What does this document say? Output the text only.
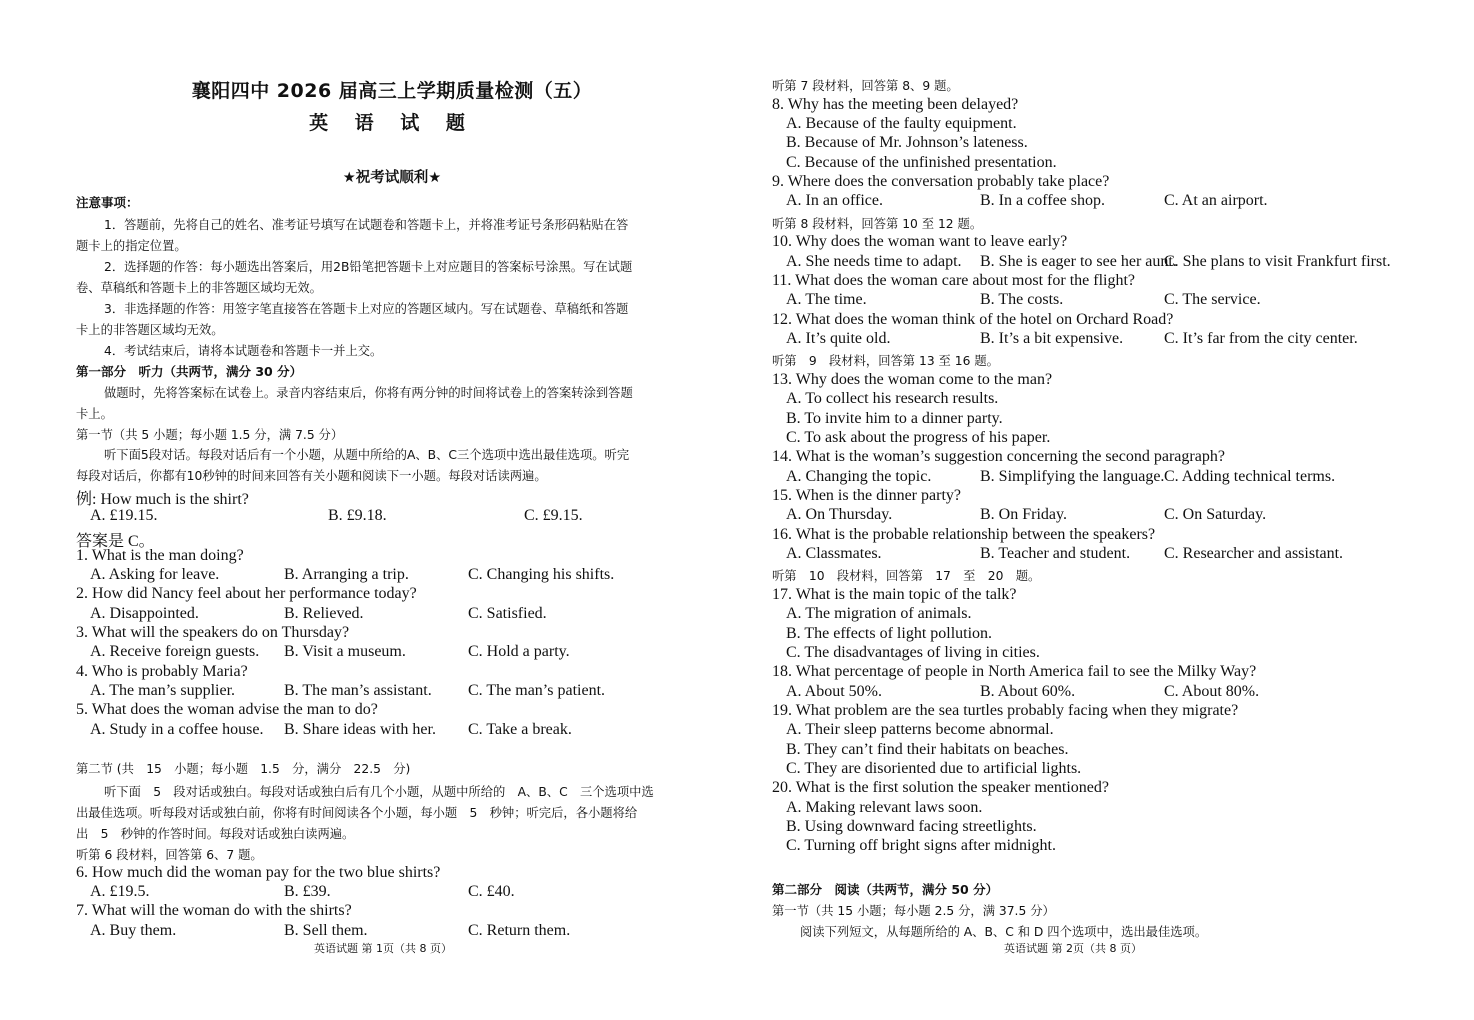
襄阳四中 2026 届高三上学期质量检测（五）
英 语 试 题
★祝考试顺利★
注意事项：
1．答题前，先将自己的姓名、准考证号填写在试题卷和答题卡上，并将准考证号条形码粘贴在答
题卡上的指定位置。
2．选择题的作答：每小题选出答案后，用2B铅笔把答题卡上对应题目的答案标号涂黑。写在试题
卷、草稿纸和答题卡上的非答题区域均无效。
3．非选择题的作答：用签字笔直接答在答题卡上对应的答题区域内。写在试题卷、草稿纸和答题
卡上的非答题区域均无效。
4．考试结束后，请将本试题卷和答题卡一并上交。
第一部分　听力（共两节，满分 30 分）
做题时，先将答案标在试卷上。录音内容结束后，你将有两分钟的时间将试卷上的答案转涂到答题
卡上。
第一节（共 5 小题；每小题 1.5 分，满 7.5 分）
听下面5段对话。每段对话后有一个小题，从题中所给的A、B、C三个选项中选出最佳选项。听完
每段对话后，你都有10秒钟的时间来回答有关小题和阅读下一小题。每段对话读两遍。
例: How much is the shirt?
A. £19.15.	B. £9.18.	C. £9.15.
答案是 C。
1. What is the man doing?
A. Asking for leave.	B. Arranging a trip.	C. Changing his shifts.
2. How did Nancy feel about her performance today?
A. Disappointed.	B. Relieved.	C. Satisfied.
3. What will the speakers do on Thursday?
A. Receive foreign guests. B. Visit a museum.	C. Hold a party.
4. Who is probably Maria?
A. The man’s supplier.	B. The man’s assistant. C. The man’s patient.
5. What does the woman advise the man to do?
A. Study in a coffee house. B. Share ideas with her. C. Take a break.
第二节 (共　15　小题；每小题　1.5　分，满分　22.5　分)
听下面　5　段对话或独白。每段对话或独白后有几个小题，从题中所给的　A、B、C　三个选项中选
出最佳选项。听每段对话或独白前，你将有时间阅读各个小题，每小题　5　秒钟；听完后，各小题将给
出　5　秒钟的作答时间。每段对话或独白读两遍。
听第 6 段材料，回答第 6、7 题。
6. How much did the woman pay for the two blue shirts?
A. £19.5.	B. £39.	C. £40.
7. What will the woman do with the shirts?
A. Buy them.	B. Sell them.	C. Return them.
英语试题 第 1页（共 8 页）
听第 7 段材料，回答第 8、9 题。
8. Why has the meeting been delayed?
A. Because of the faulty equipment.
B. Because of Mr. Johnson’s lateness.
C. Because of the unfinished presentation.
9. Where does the conversation probably take place?
A. In an office.	B. In a coffee shop.	C. At an airport.
听第 8 段材料，回答第 10 至 12 题。
10. Why does the woman want to leave early?
A. She needs time to adapt. B. She is eager to see her aunt.
C. She plans to visit Frankfurt first.
11. What does the woman care about most for the flight?
A. The time.	B. The costs.	C. The service.
12. What does the woman think of the hotel on Orchard Road?
A. It’s quite old.	B. It’s a bit expensive.	C. It’s far from the city center.
听第　9　段材料，回答第 13 至 16 题。
13. Why does the woman come to the man?
A. To collect his research results.
B. To invite him to a dinner party.
C. To ask about the progress of his paper.
14. What is the woman’s suggestion concerning the second paragraph?
A. Changing the topic.	B. Simplifying the language. C. Adding technical terms.
15. When is the dinner party?
A. On Thursday.	B. On Friday.	C. On Saturday.
16. What is the probable relationship between the speakers?
A. Classmates.	B. Teacher and student. C. Researcher and assistant.
听第　10　段材料，回答第　17　至　20　题。
17. What is the main topic of the talk?
A. The migration of animals.
B. The effects of light pollution.
C. The disadvantages of living in cities.
18. What percentage of people in North America fail to see the Milky Way?
A. About 50%.	B. About 60%.	C. About 80%.
19. What problem are the sea turtles probably facing when they migrate?
A. Their sleep patterns become abnormal.
B. They can’t find their habitats on beaches.
C. They are disoriented due to artificial lights.
20. What is the first solution the speaker mentioned?
A. Making relevant laws soon.
B. Using downward facing streetlights.
C. Turning off bright signs after midnight.
第二部分　阅读（共两节，满分 50 分）
第一节（共 15 小题；每小题 2.5 分，满 37.5 分）
阅读下列短文，从每题所给的 A、B、C 和 D 四个选项中，选出最佳选项。
英语试题 第 2页（共 8 页）
